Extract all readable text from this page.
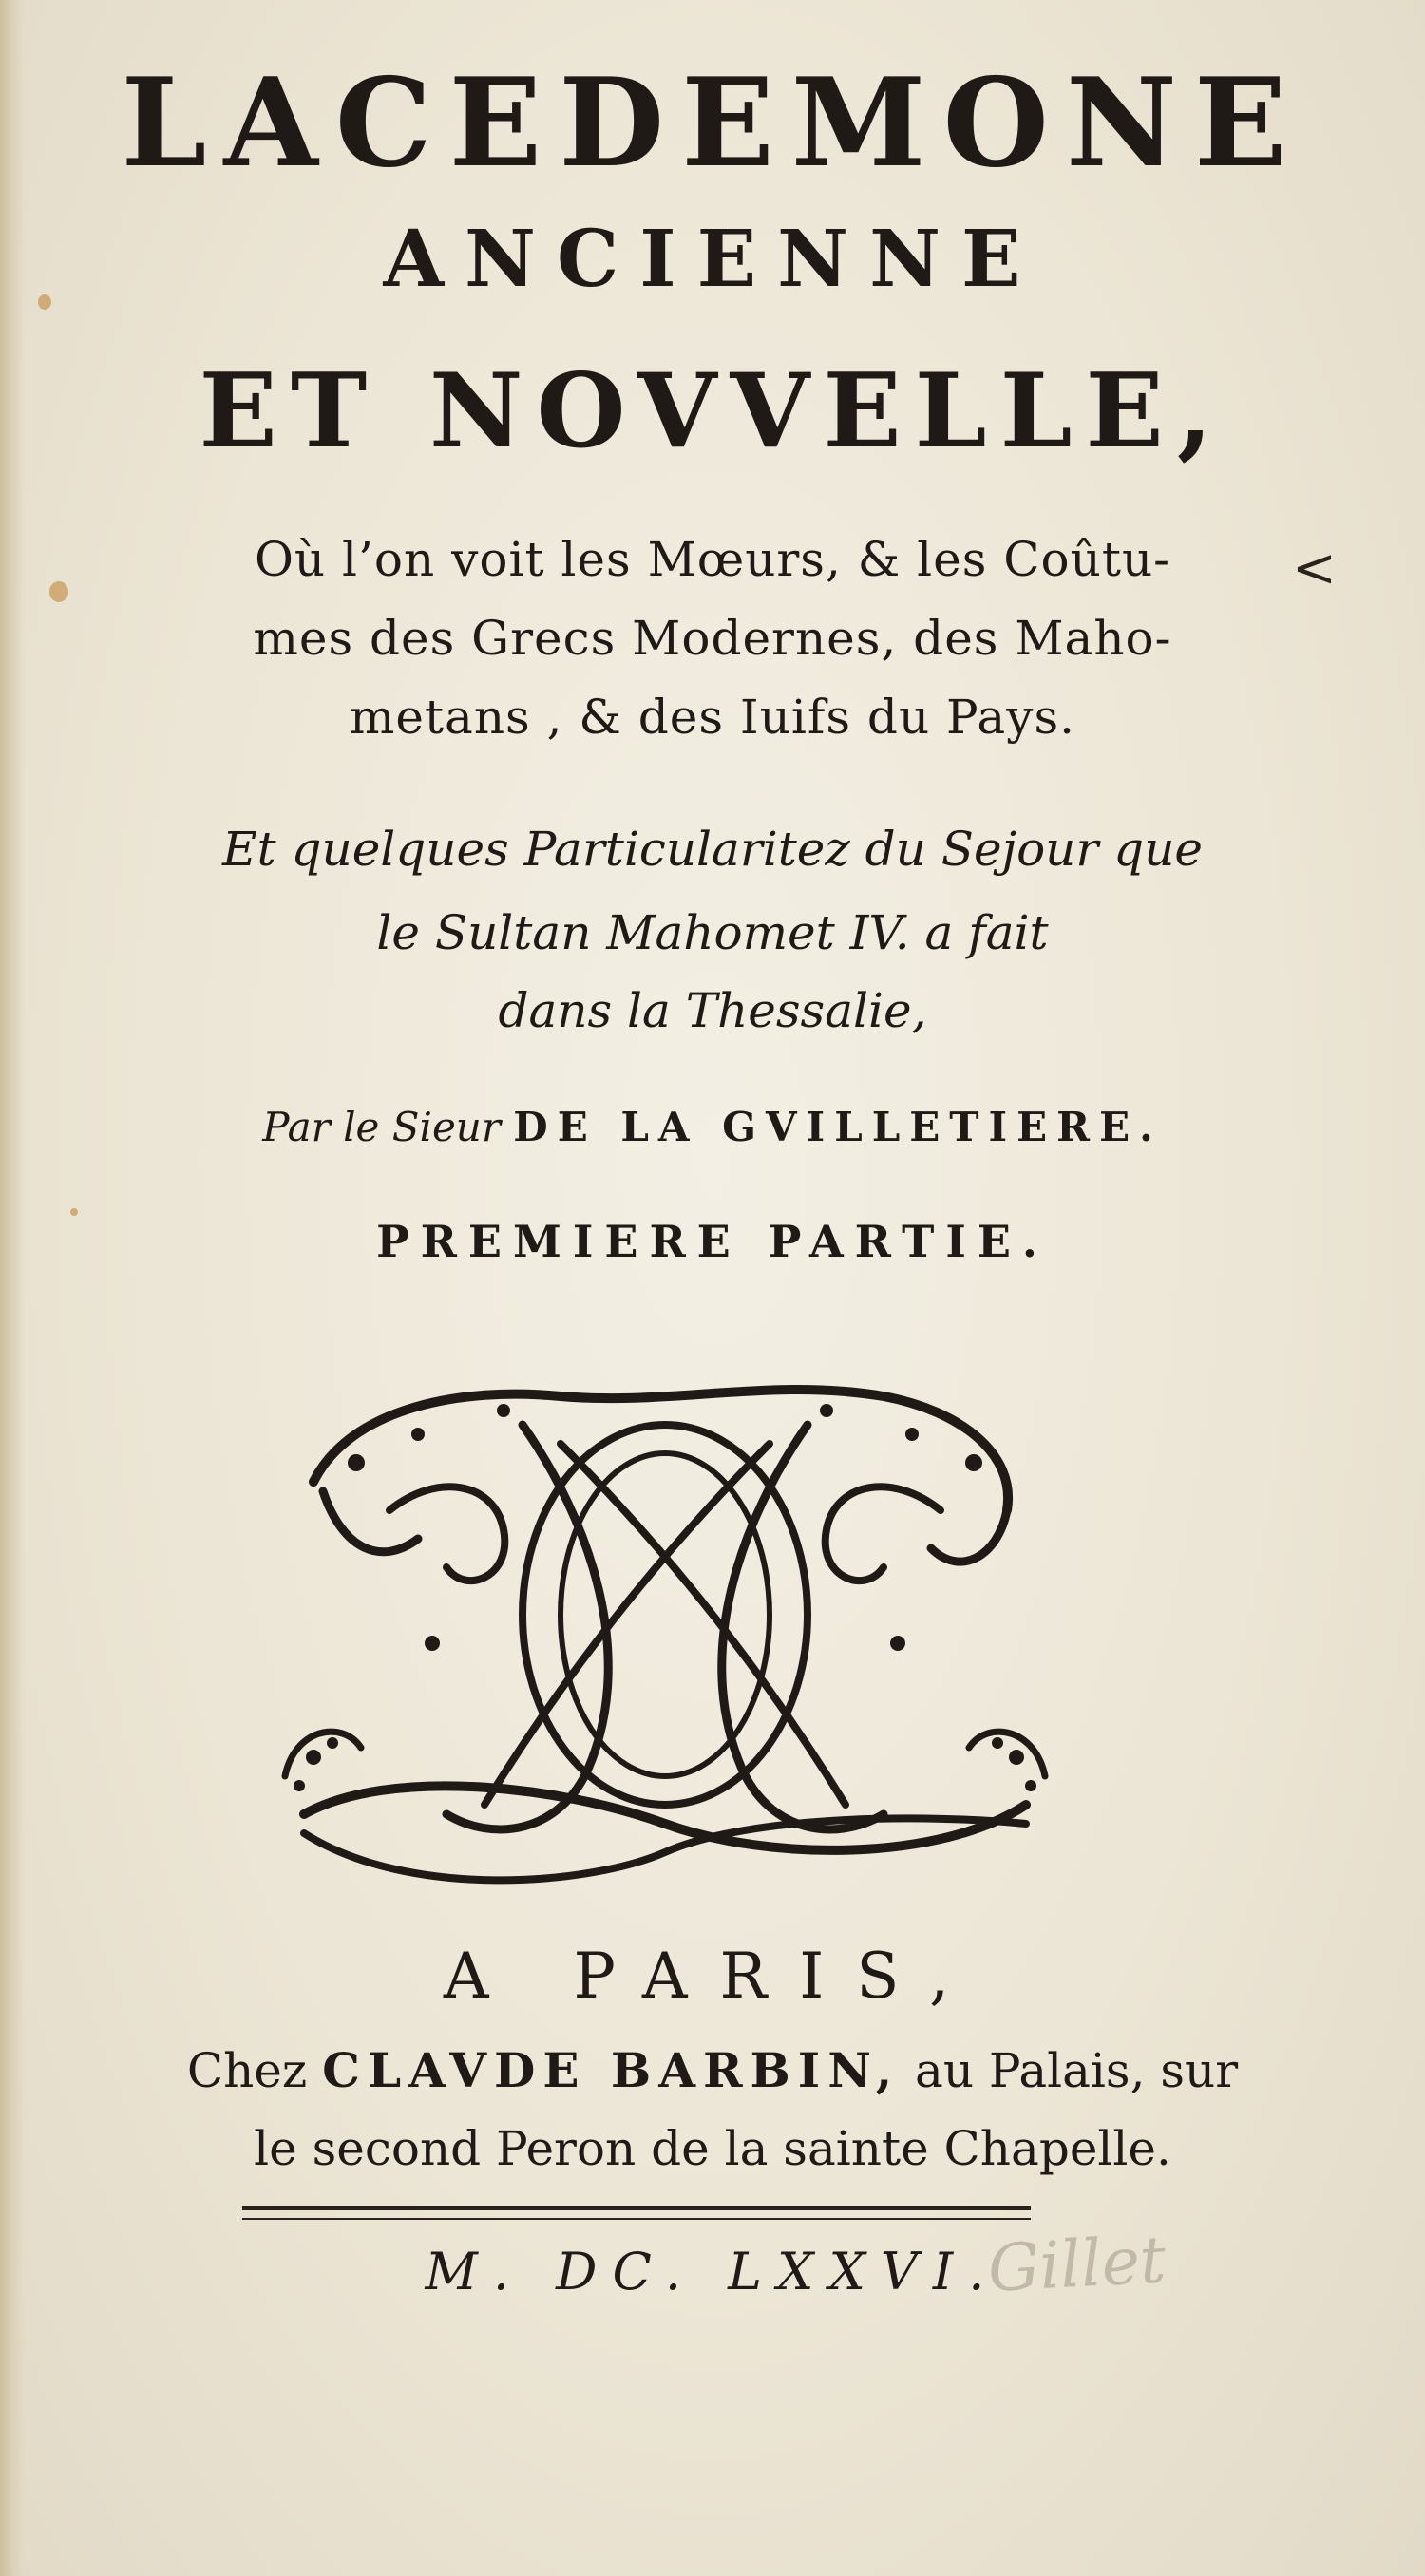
LACEDEMONE
ANCIENNE
ET NOVVELLE,
Où l’on voit les Mœurs, & les Coûtu-
mes des Grecs Modernes, des Maho-
metans , & des Iuifs du Pays.
<
Et quelques Particularitez du Sejour que
le Sultan Mahomet IV. a fait
dans la Thessalie,
Par le Sieur DE LA GVILLETIERE.
PREMIERE PARTIE.
A PARIS,
Chez CLAVDE BARBIN, au Palais, sur
le second Peron de la sainte Chapelle.
M. DC. LXXVI.
Gillet
